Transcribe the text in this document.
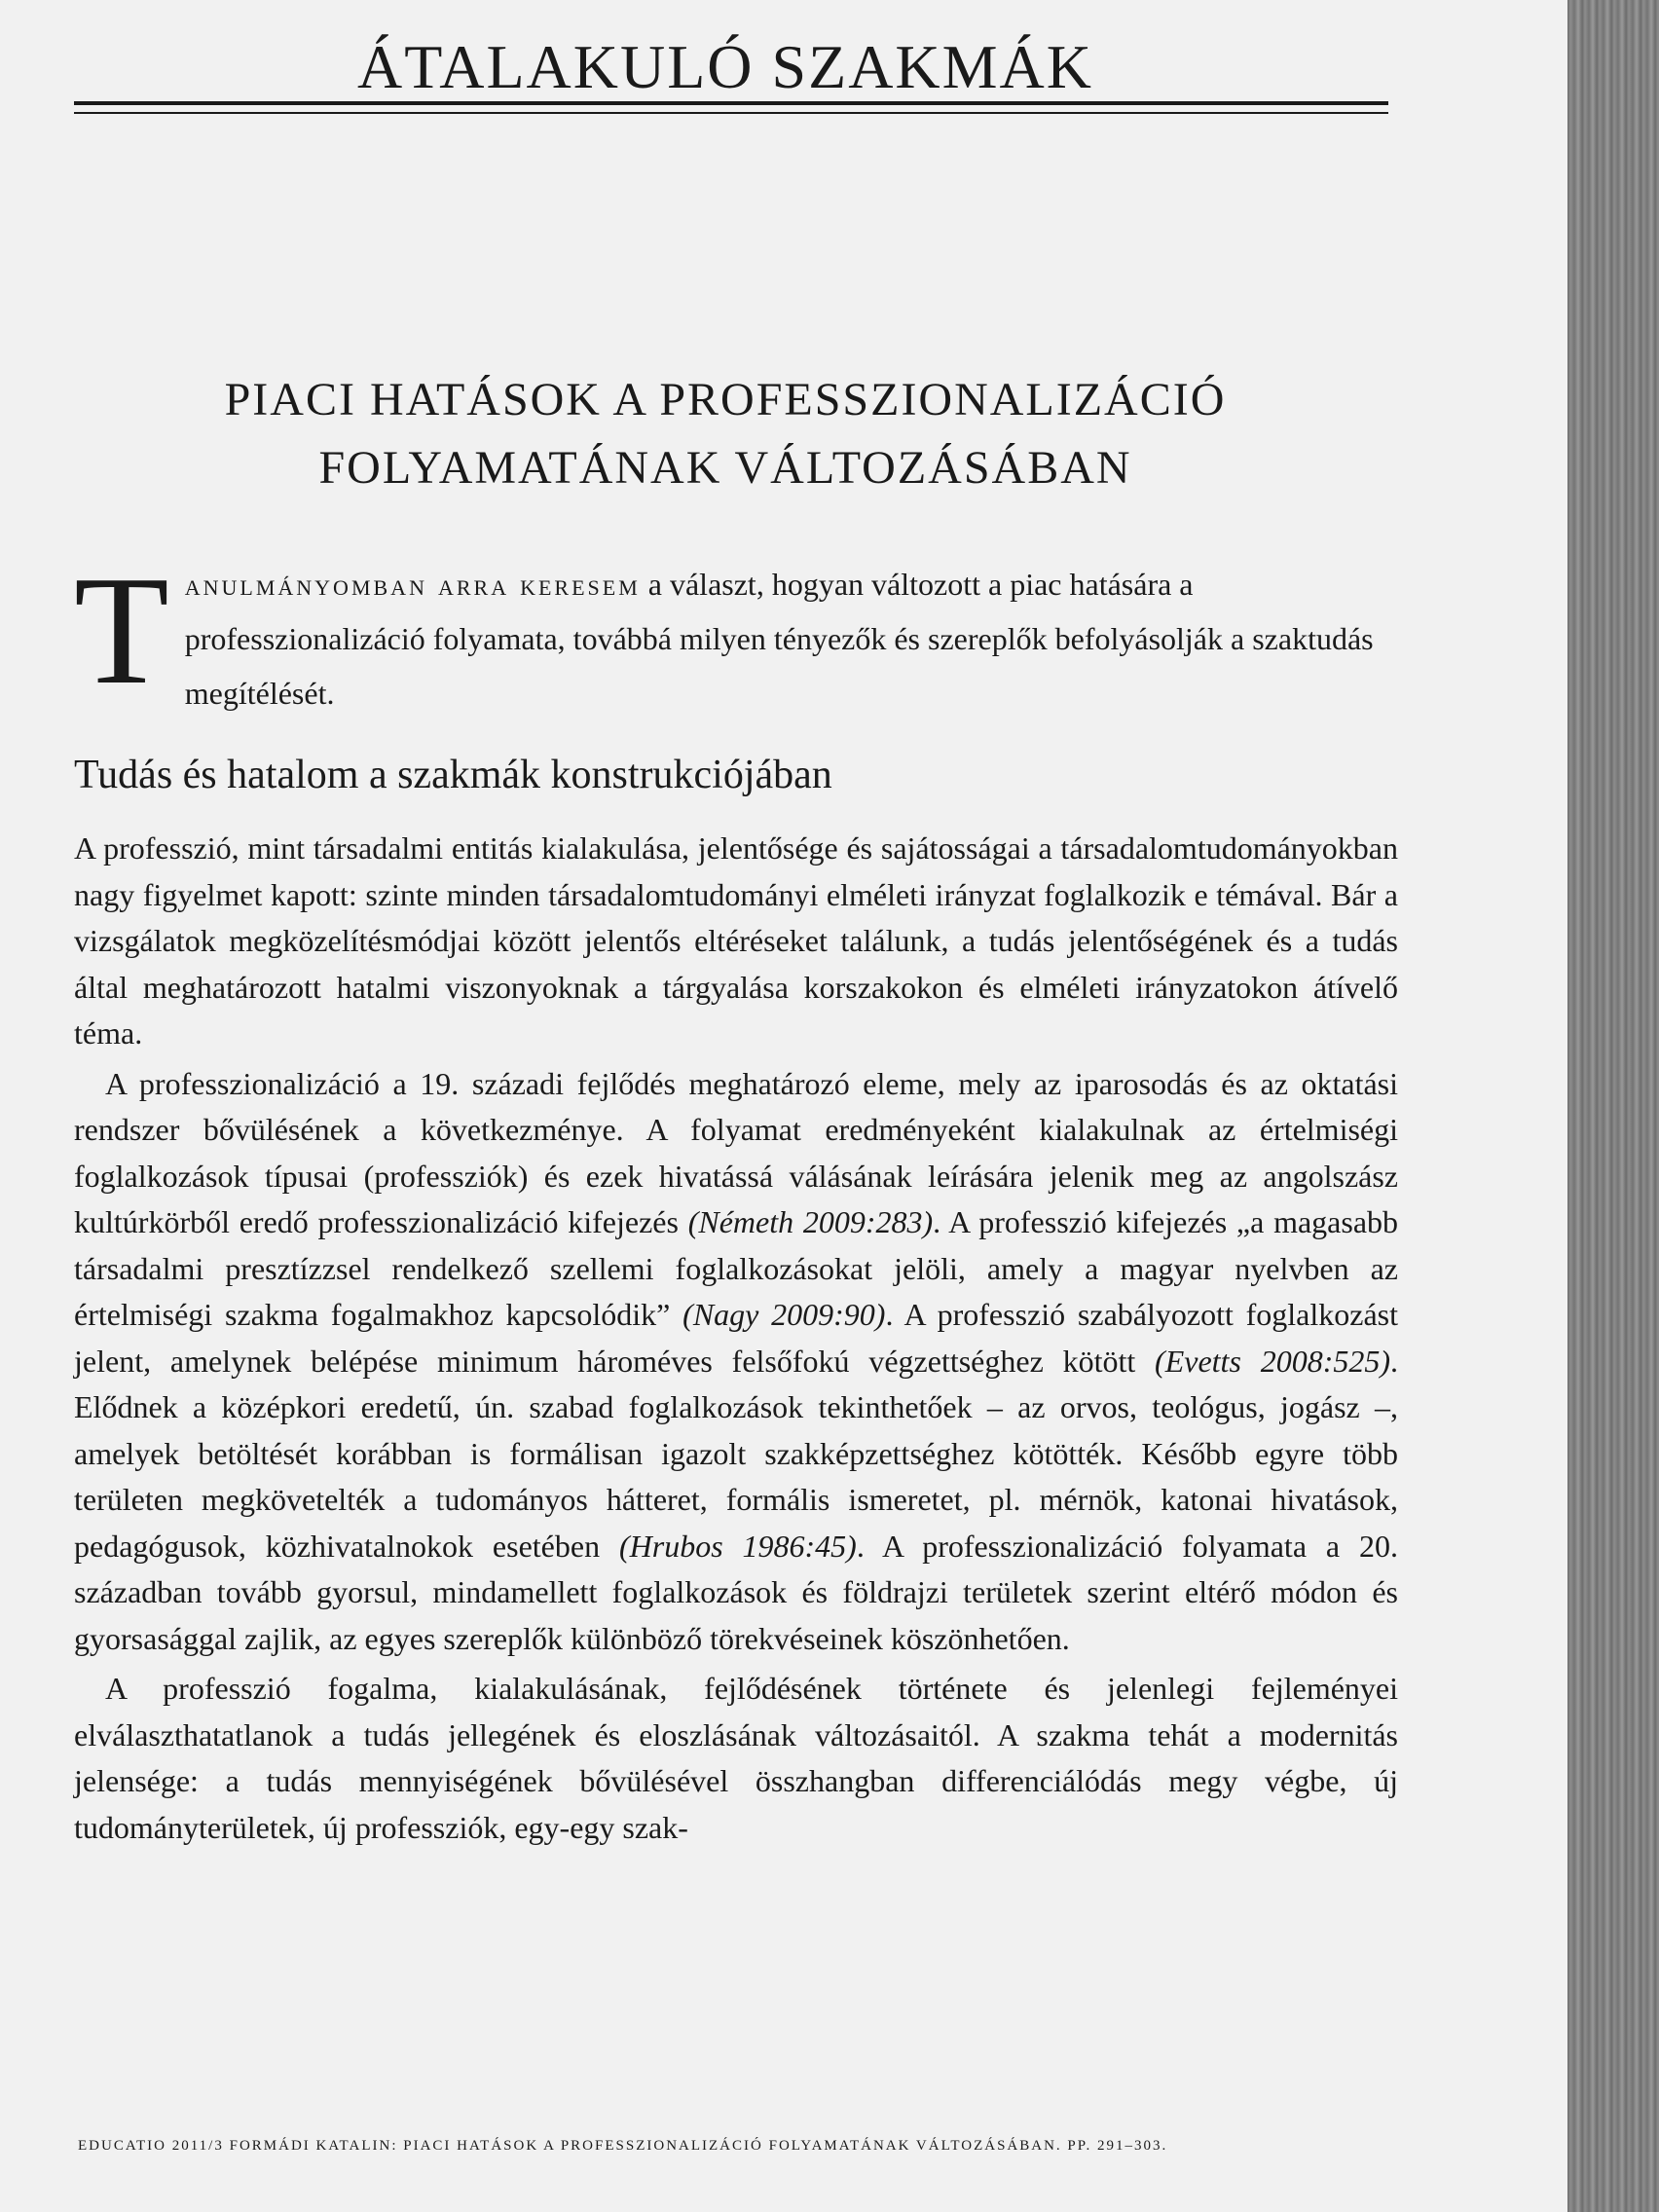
ÁTALAKULÓ SZAKMÁK
PIACI HATÁSOK A PROFESSZIONALIZÁCIÓ
FOLYAMATÁNAK VÁLTOZÁSÁBAN
T anulmányomban arra keresem a választ, hogyan változott a piac hatására a professzionalizáció folyamata, továbbá milyen tényezők és szereplők befolyásolják a szaktudás megítélését.
Tudás és hatalom a szakmák konstrukciójában

A professzió, mint társadalmi entitás kialakulása, jelentősége és sajátosságai a társadalomtudományokban nagy figyelmet kapott: szinte minden társadalomtudományi elméleti irányzat foglalkozik e témával. Bár a vizsgálatok megközelítésmódjai között jelentős eltéréseket találunk, a tudás jelentőségének és a tudás által meghatározott hatalmi viszonyoknak a tárgyalása korszakokon és elméleti irányzatokon átívelő téma.

A professzionalizáció a 19. századi fejlődés meghatározó eleme, mely az iparosodás és az oktatási rendszer bővülésének a következménye. A folyamat eredményeként kialakulnak az értelmiségi foglalkozások típusai (professziók) és ezek hivatássá válásának leírására jelenik meg az angolszász kultúrkörből eredő professzionalizáció kifejezés (Németh 2009:283). A professzió kifejezés „a magasabb társadalmi presztízzsel rendelkező szellemi foglalkozásokat jelöli, amely a magyar nyelvben az értelmiségi szakma fogalmakhoz kapcsolódik” (Nagy 2009:90). A professzió szabályozott foglalkozást jelent, amelynek belépése minimum hároméves felsőfokú végzettséghez kötött (Evetts 2008:525). Elődnek a középkori eredetű, ún. szabad foglalkozások tekinthetőek – az orvos, teológus, jogász –, amelyek betöltését korábban is formálisan igazolt szakképzettséghez kötötték. Később egyre több területen megkövetelték a tudományos hátteret, formális ismeretet, pl. mérnök, katonai hivatások, pedagógusok, közhivatalnokok esetében (Hrubos 1986:45). A professzionalizáció folyamata a 20. században tovább gyorsul, mindamellett foglalkozások és földrajzi területek szerint eltérő módon és gyorsasággal zajlik, az egyes szereplők különböző törekvéseinek köszönhetően.

A professzió fogalma, kialakulásának, fejlődésének története és jelenlegi fejleményei elválaszthatatlanok a tudás jellegének és eloszlásának változásaitól. A szakma tehát a modernitás jelensége: a tudás mennyiségének bővülésével összhangban differenciálódás megy végbe, új tudományterületek, új professziók, egy-egy szak-

EDUCATIO 2011/3 FORMÁDI KATALIN: PIACI HATÁSOK A PROFESSZIONALIZÁCIÓ FOLYAMATÁNAK VÁLTOZÁSÁBAN. PP. 291–303.
